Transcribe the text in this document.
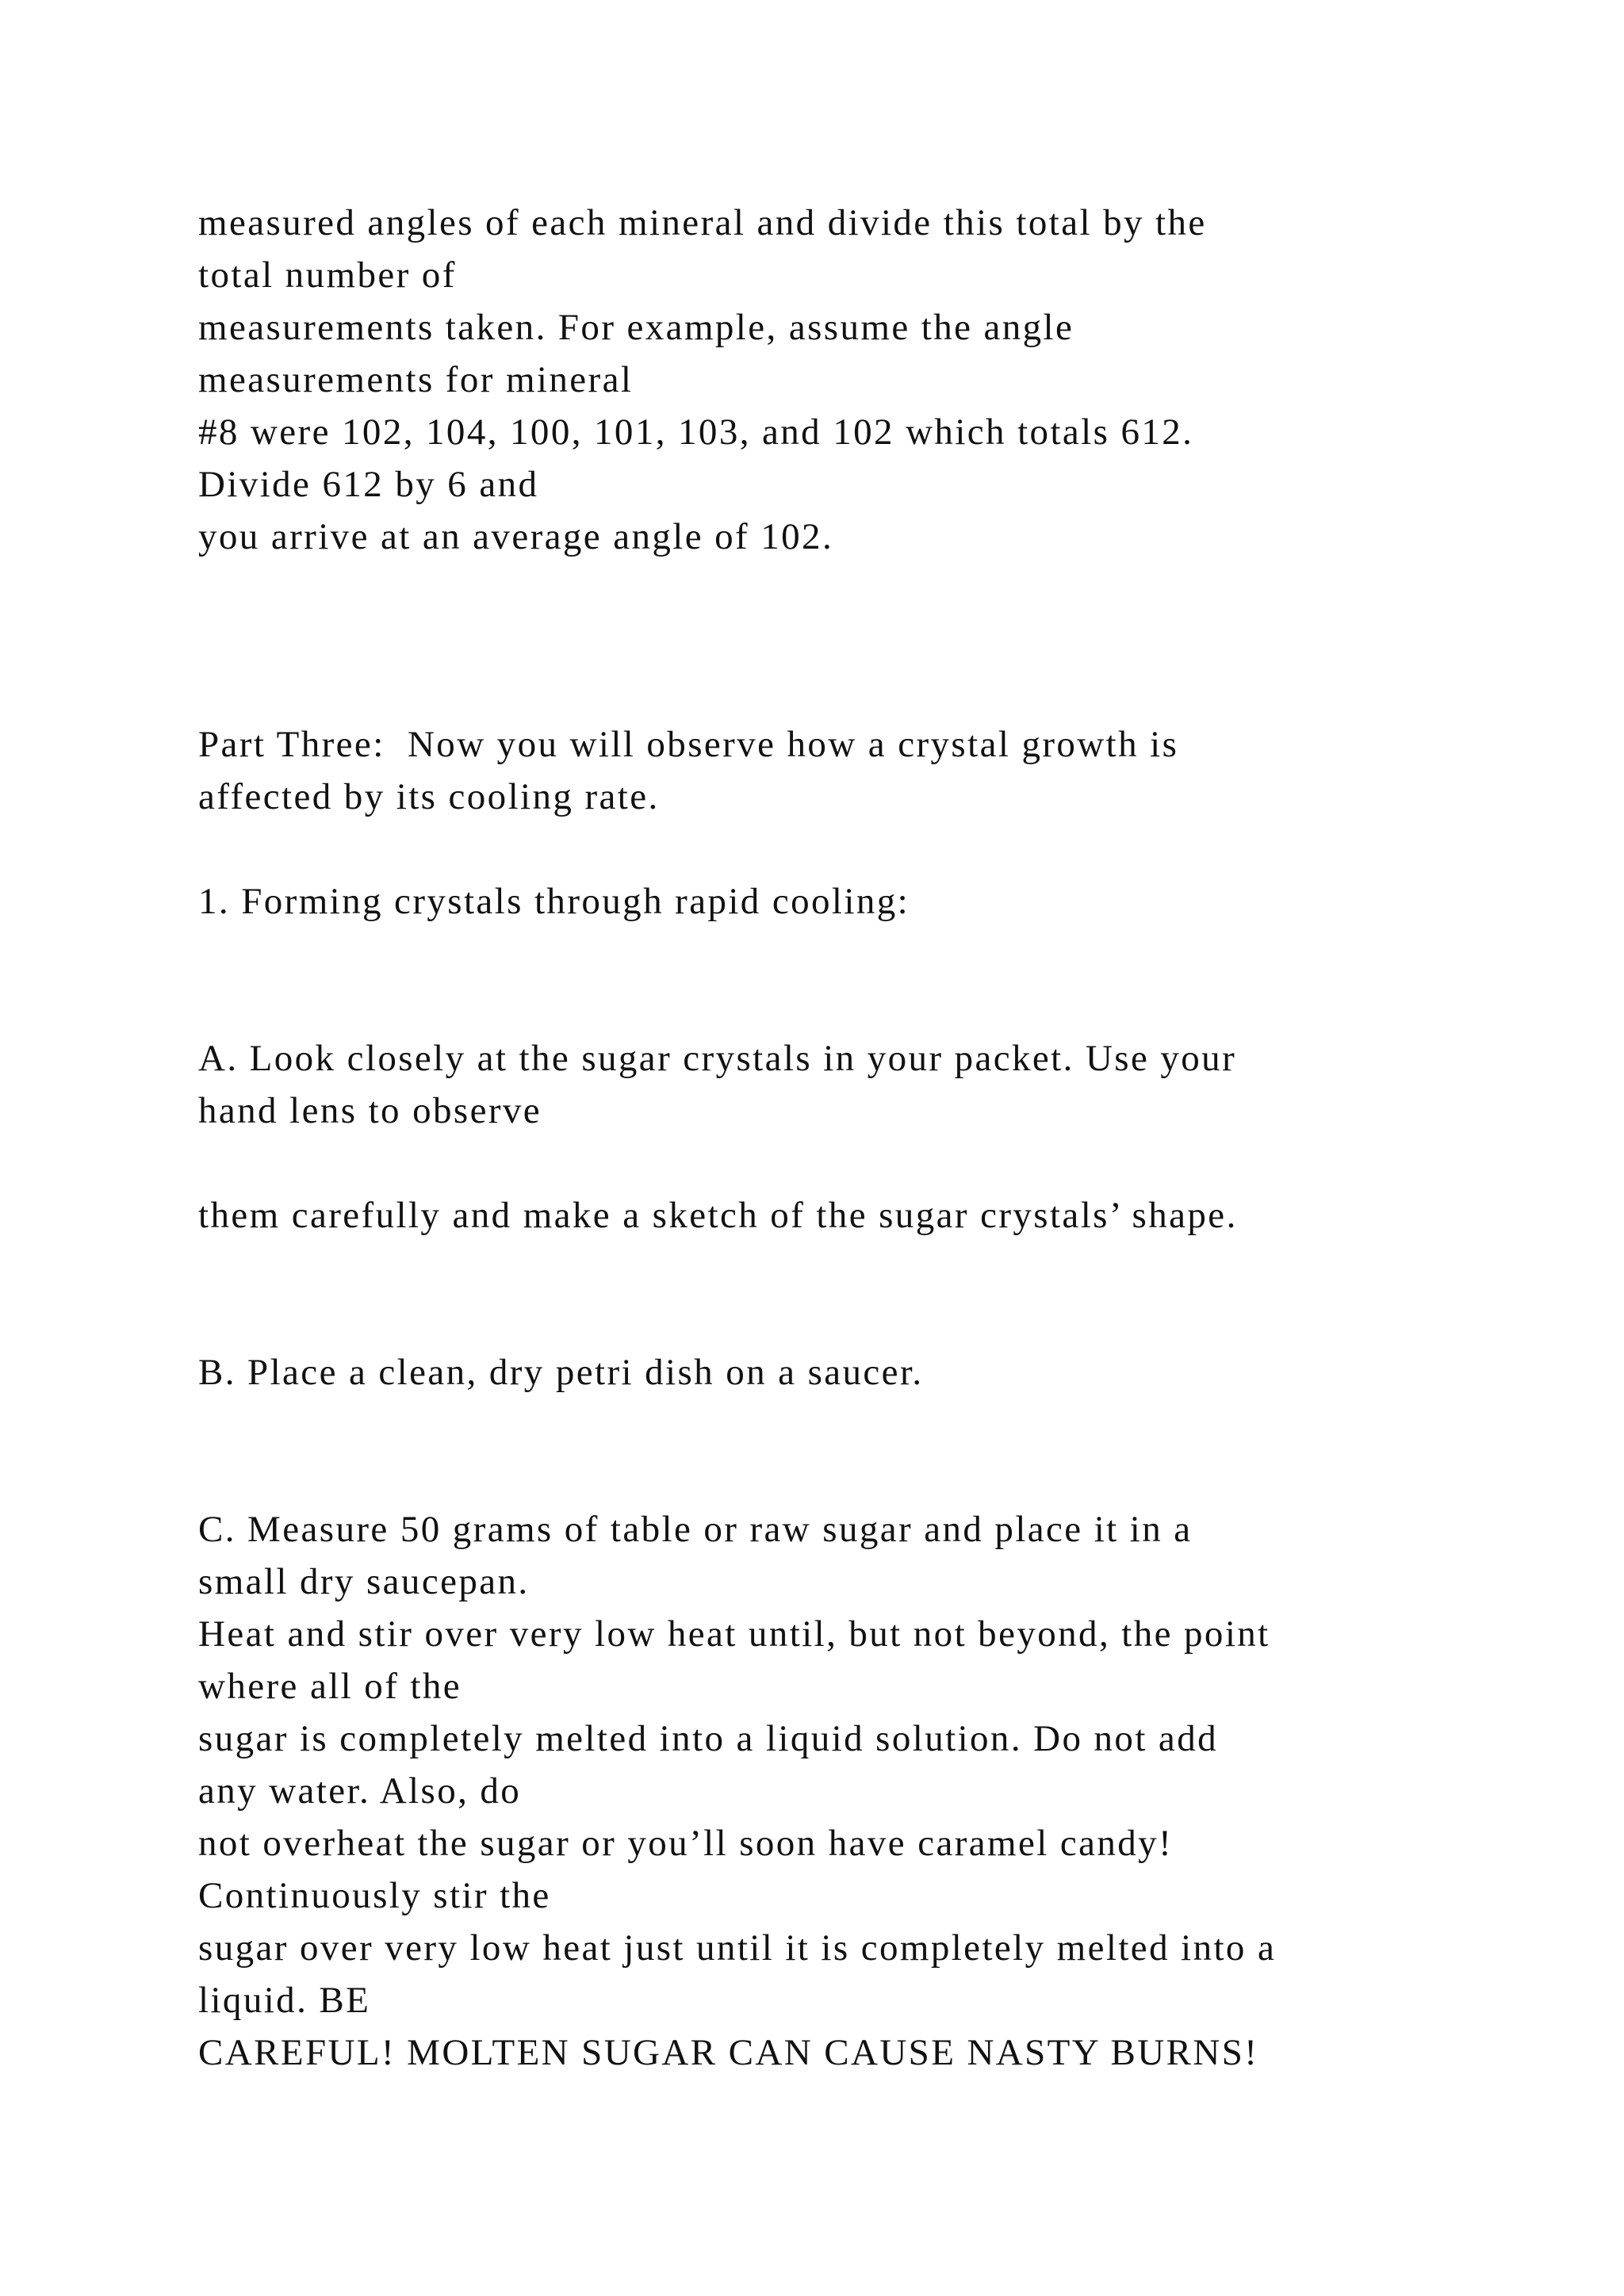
measured angles of each mineral and divide this total by the
total number of
measurements taken. For example, assume the angle
measurements for mineral
#8 were 102, 104, 100, 101, 103, and 102 which totals 612.
Divide 612 by 6 and
you arrive at an average angle of 102.
Part Three:  Now you will observe how a crystal growth is
affected by its cooling rate.
1. Forming crystals through rapid cooling:
A. Look closely at the sugar crystals in your packet. Use your
hand lens to observe
them carefully and make a sketch of the sugar crystals’ shape.
B. Place a clean, dry petri dish on a saucer.
C. Measure 50 grams of table or raw sugar and place it in a
small dry saucepan.
Heat and stir over very low heat until, but not beyond, the point
where all of the
sugar is completely melted into a liquid solution. Do not add
any water. Also, do
not overheat the sugar or you’ll soon have caramel candy!
Continuously stir the
sugar over very low heat just until it is completely melted into a
liquid. BE
CAREFUL! MOLTEN SUGAR CAN CAUSE NASTY BURNS!
